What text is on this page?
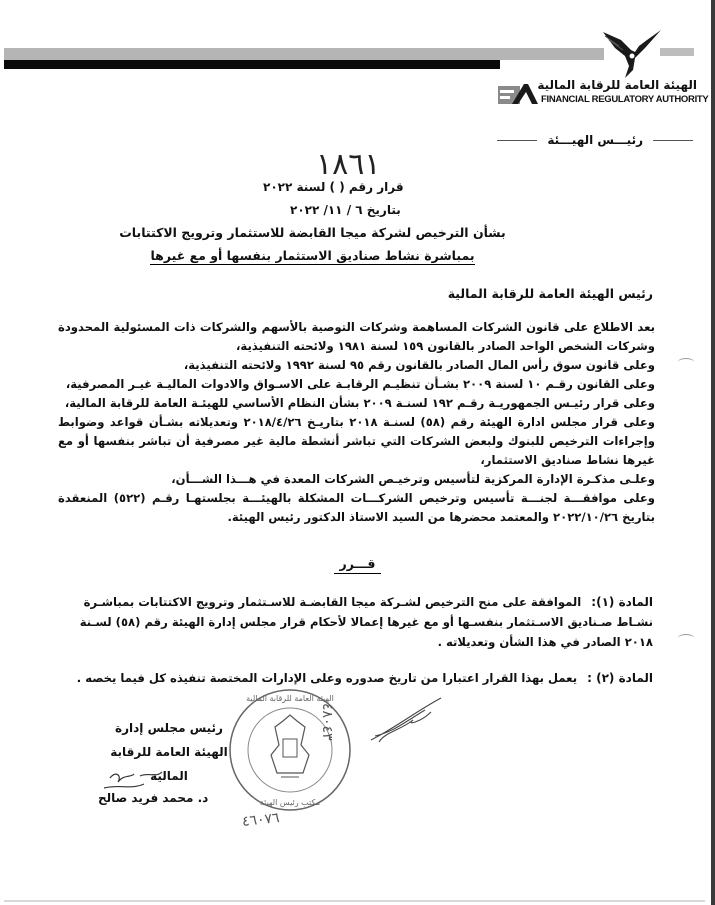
الهيئة العامة للرقابة المالية
FINANCIAL REGULATORY AUTHORITY
رئيـــس الهيـــئة
١٨٦١
قرار رقم ( ) لسنة ٢٠٢٢
بتاريخ ٦ / ١١/ ٢٠٢٢
بشأن الترخيص لشركة ميجا القابضة للاستثمار وترويج الاكتتابات
بمباشرة نشاط صناديق الاستثمار بنفسها أو مع غيرها
رئيس الهيئة العامة للرقابة المالية

بعد الاطلاع على قانون الشركات المساهمة وشركات التوصية بالأسهم والشركات ذات المسئولية المحدودة وشركات الشخص الواحد الصادر بالقانون ١٥٩ لسنة ١٩٨١ ولائحته التنفيذية،

وعلى قانون سوق رأس المال الصادر بالقانون رقم ٩٥ لسنة ١٩٩٢ ولائحته التنفيذية،

وعلى القانون رقـم ١٠ لسنة ٢٠٠٩ بشـأن تنظيـم الرقابـة على الاسـواق والادوات الماليـة غيـر المصرفية،

وعلى قرار رئيـس الجمهوريـة رقـم ١٩٢ لسنـة ٢٠٠٩ بشأن النظام الأساسي للهيئـة العامة للرقابة المالية،

وعلى قرار مجلس ادارة الهيئة رقم (٥٨) لسنـة ٢٠١٨ بتاريـخ ٢٠١٨/٤/٢٦ وتعديلاته بشـأن قواعد وضوابط وإجراءات الترخيص للبنوك ولبعض الشركات التي تباشر أنشطة مالية غير مصرفية أن تباشر بنفسها أو مع غيرها نشاط صناديق الاستثمار،

وعلـى مذكـرة الإدارة المركزية لتأسيس وترخيـص الشركات المعدة في هـــذا الشـــأن،

وعلى موافقـــة لجنـــة تأسيس وترخيص الشركـــات المشكلة بالهيئـــة بجلستهـا رقـم (٥٢٢) المنعقدة بتاريخ ٢٠٢٢/١٠/٢٦ والمعتمد محضرها من السيد الاستاذ الدكتور رئيس الهيئة.

قـــرر
المادة (١): الموافقة على منح الترخيص لشـركة ميجا القابضـة للاسـتثمار وترويج الاكتتابات بمباشـرة نشـاط صـناديق الاسـتثمار بنفسـها أو مع غيرها إعمالا لأحكام قرار مجلس إدارة الهيئة رقم (٥٨) لسـنة ٢٠١٨ الصادر في هذا الشأن وتعديلاته .
المادة (٢) : يعمل بهذا القرار اعتبارا من تاريخ صدوره وعلى الإدارات المختصة تنفيذه كل فيما يخصه .
رئيس مجلس إدارة
الهيئة العامة للرقابة المالية
د. محمد فريد صالح
الهيئة العامة للرقابة المالية
مكتب رئيس الهيئة
٤٨٠٤٣
٤٦٠٧٦
